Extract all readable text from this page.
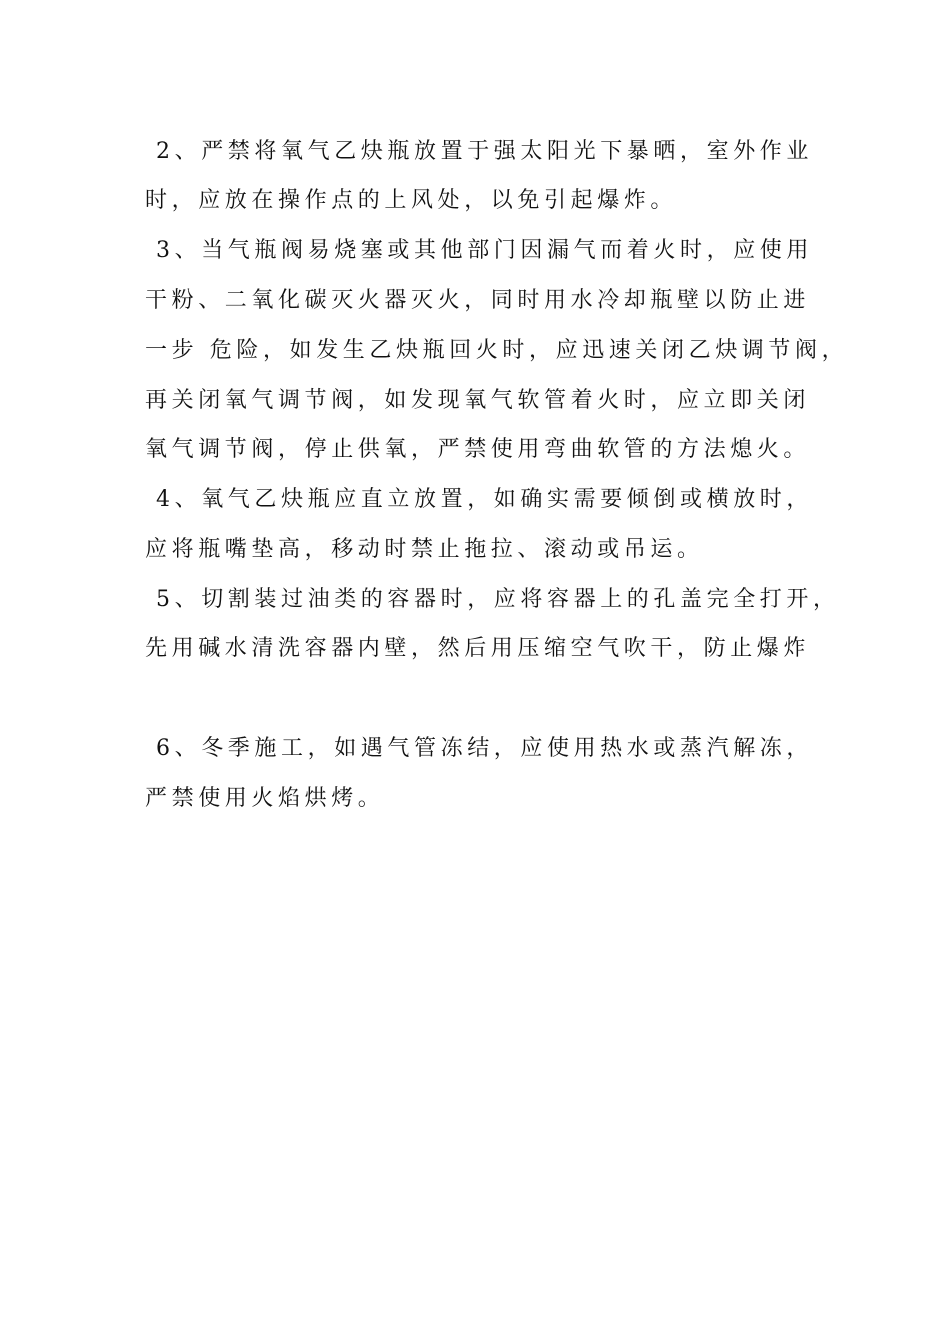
2、严禁将氧气乙炔瓶放置于强太阳光下暴晒，室外作业
时，应放在操作点的上风处，以免引起爆炸。
3、当气瓶阀易烧塞或其他部门因漏气而着火时，应使用
干粉、二氧化碳灭火器灭火，同时用水冷却瓶壁以防止进
一步 危险，如发生乙炔瓶回火时，应迅速关闭乙炔调节阀，
再关闭氧气调节阀，如发现氧气软管着火时，应立即关闭
氧气调节阀，停止供氧，严禁使用弯曲软管的方法熄火。
4、氧气乙炔瓶应直立放置，如确实需要倾倒或横放时，
应将瓶嘴垫高，移动时禁止拖拉、滚动或吊运。
5、切割装过油类的容器时，应将容器上的孔盖完全打开，
先用碱水清洗容器内壁，然后用压缩空气吹干，防止爆炸
6、冬季施工，如遇气管冻结，应使用热水或蒸汽解冻，
严禁使用火焰烘烤。
